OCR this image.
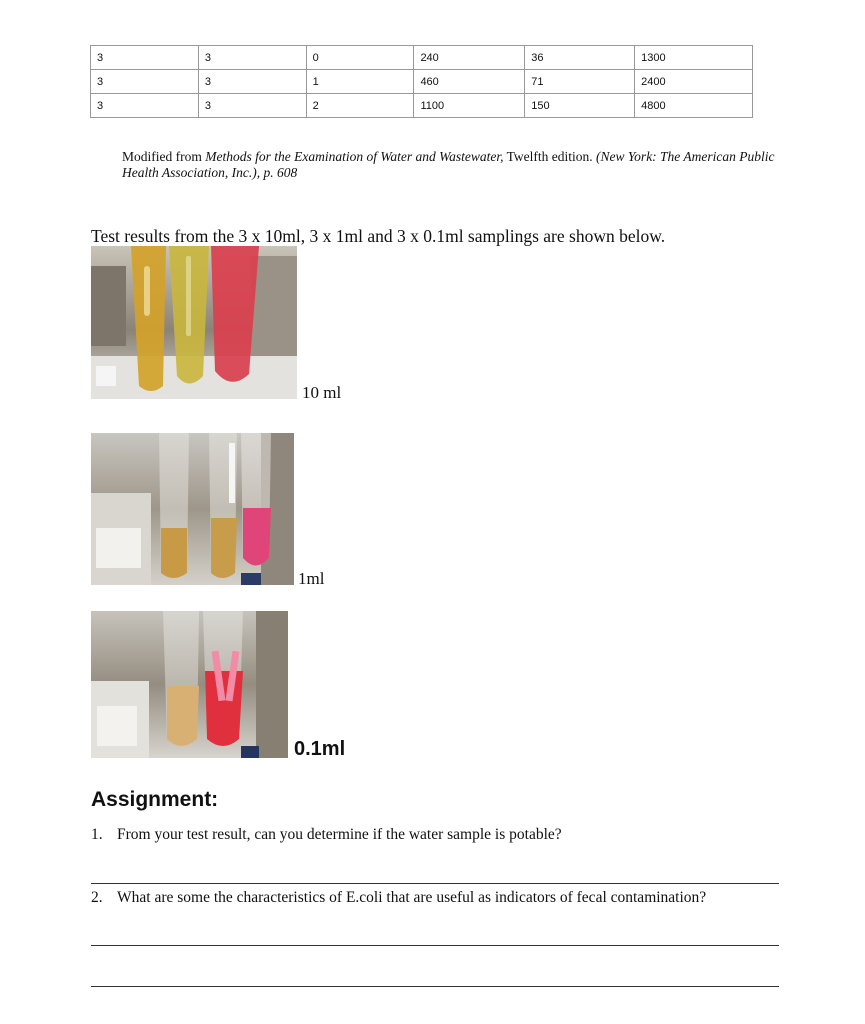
3	3	0	240	36	1300
3	3	1	460	71	2400
3	3	2	1100	150	4800
Modified from Methods for the Examination of Water and Wastewater, Twelfth edition. (New York: The American Public Health Association, Inc.), p. 608
Test results from the 3 x 10ml, 3 x 1ml and 3 x 0.1ml samplings are shown below.
10 ml
1ml
0.1ml
Assignment:
1. From your test result, can you determine if the water sample is potable?
2. What are some the characteristics of E.coli that are useful as indicators of fecal contamination?
